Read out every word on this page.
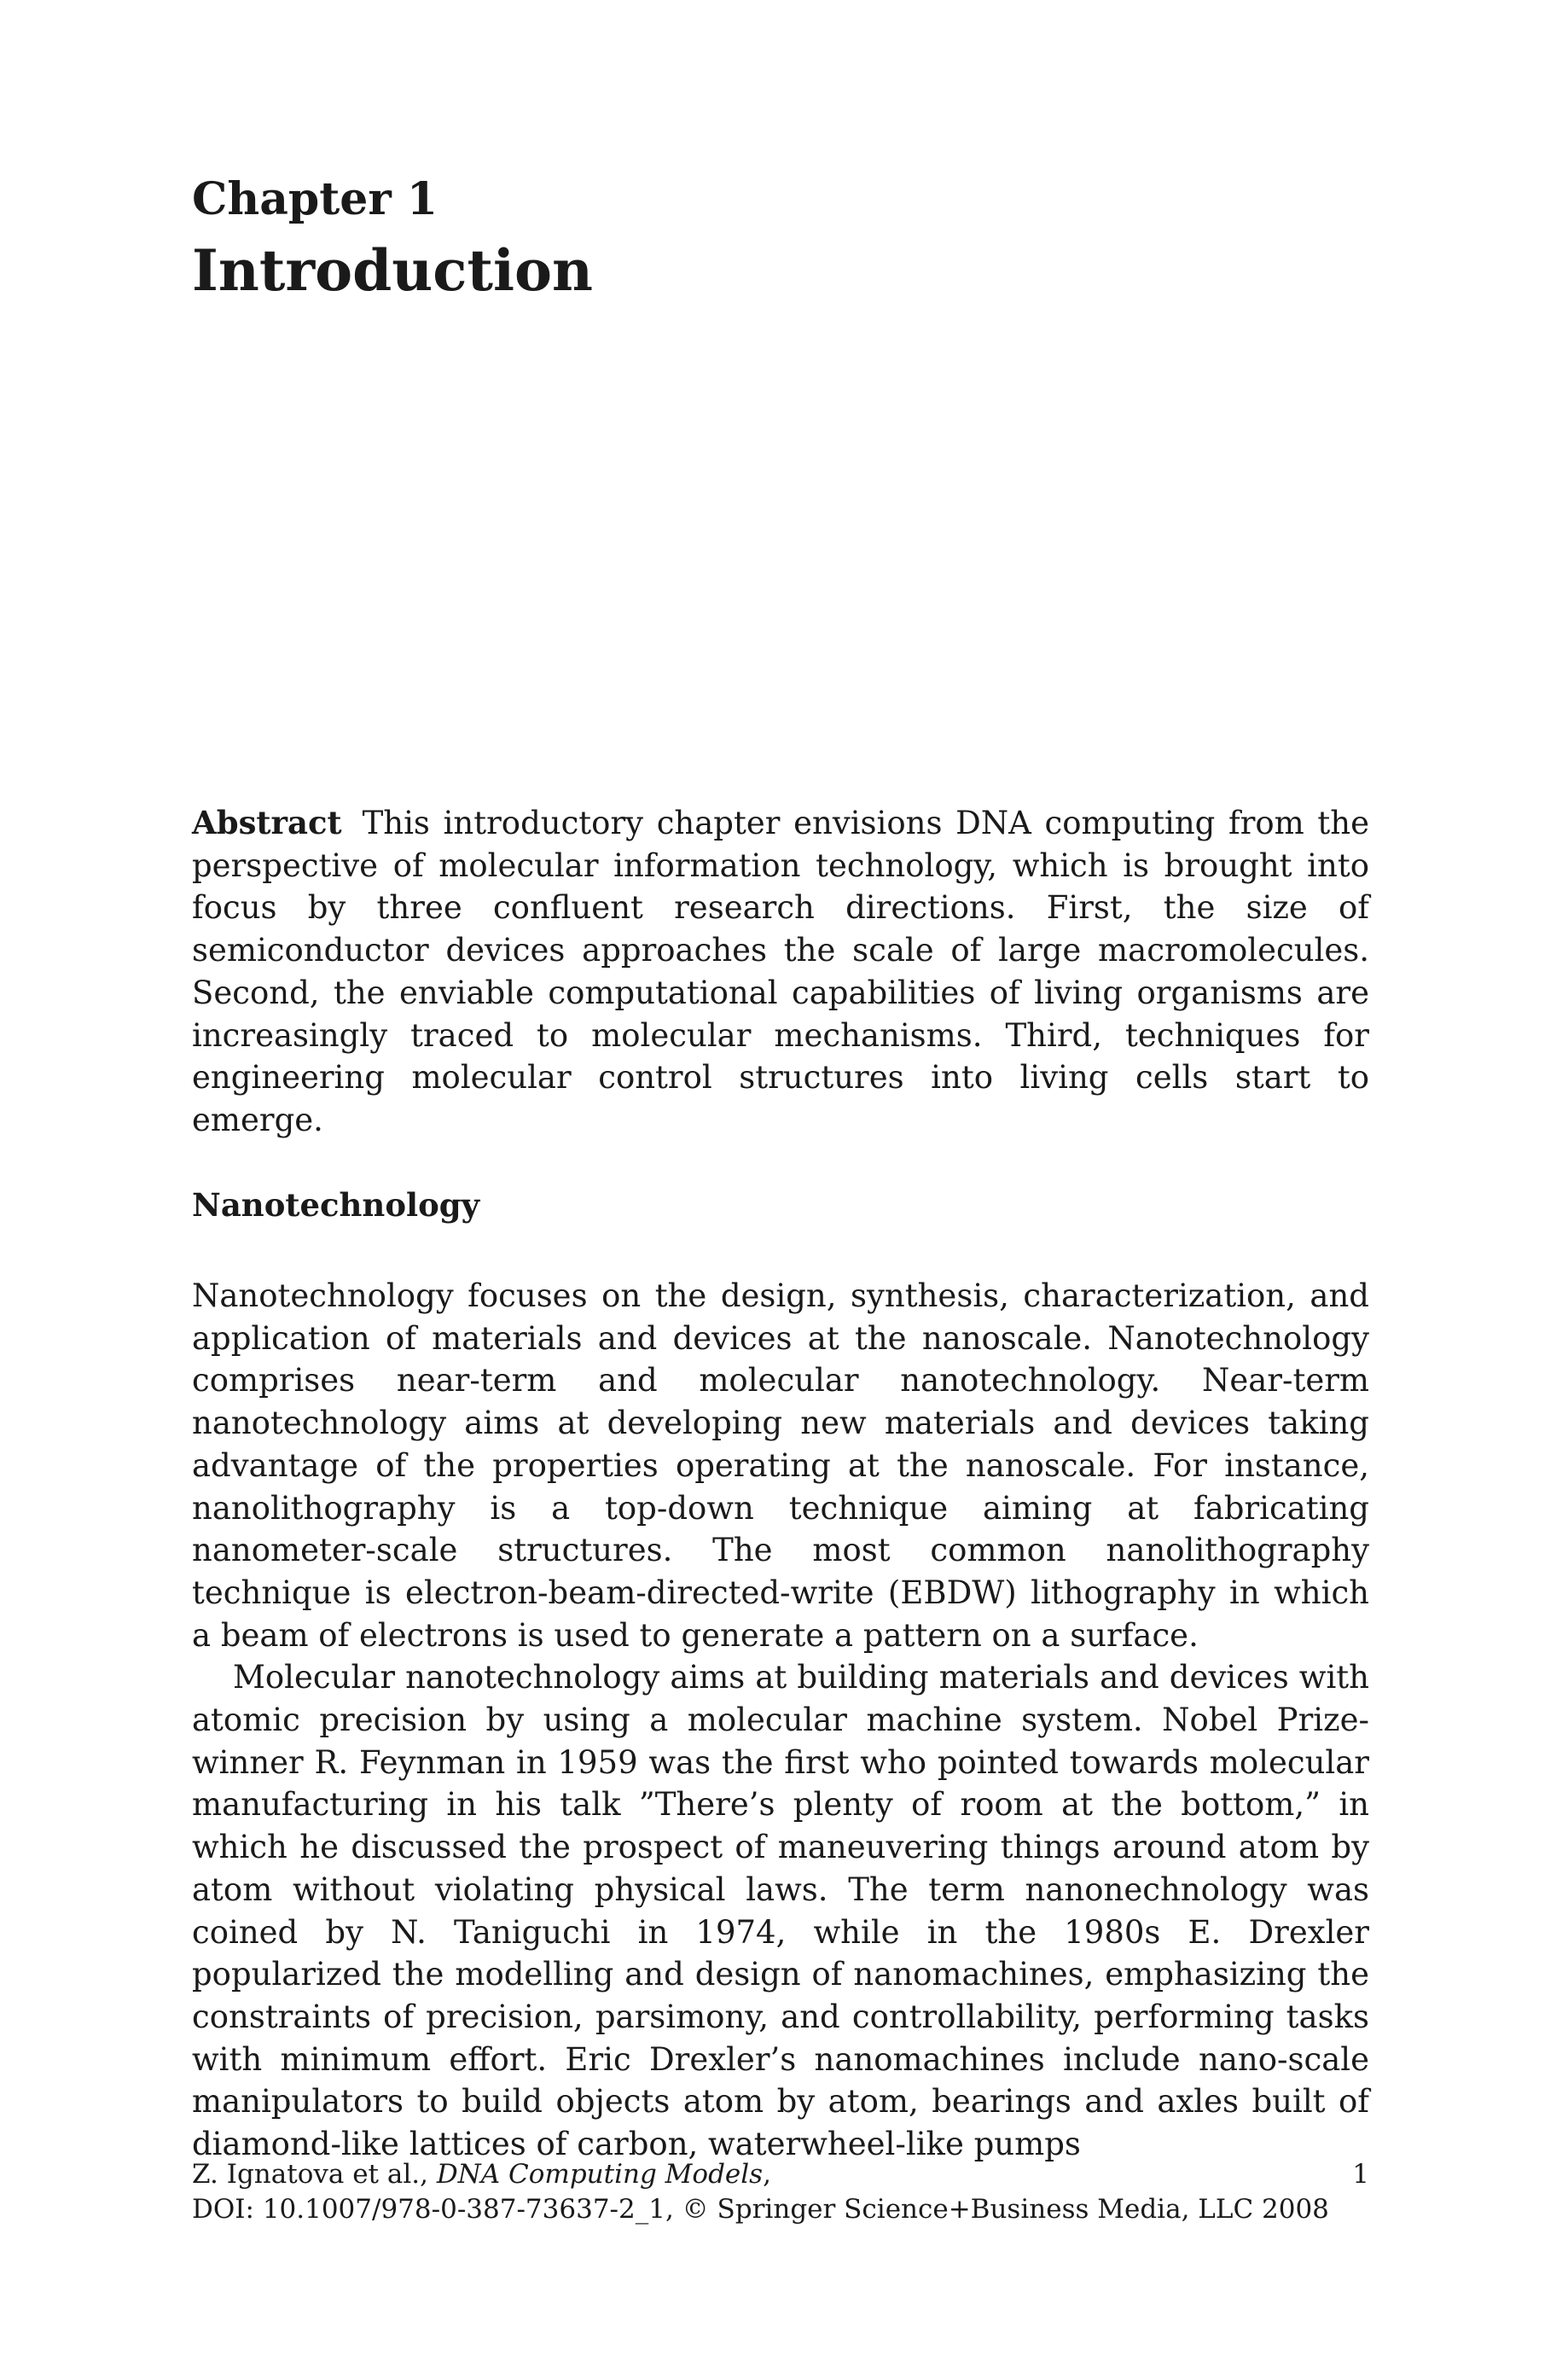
Chapter 1
Introduction

Abstract This introductory chapter envisions DNA computing from the perspective of molecular information technology, which is brought into focus by three confluent research directions. First, the size of semiconductor devices approaches the scale of large macromolecules. Second, the enviable computational capabilities of living organisms are increasingly traced to molecular mechanisms. Third, techniques for engineering molecular control structures into living cells start to emerge.

Nanotechnology

Nanotechnology focuses on the design, synthesis, characterization, and application of materials and devices at the nanoscale. Nanotechnology comprises near-term and molecular nanotechnology. Near-term nanotechnology aims at developing new materials and devices taking advantage of the properties operating at the nanoscale. For instance, nanolithography is a top-down technique aiming at fabricating nanometer-scale structures. The most common nanolithography technique is electron-beam-directed-write (EBDW) lithography in which a beam of electrons is used to generate a pattern on a surface.

Molecular nanotechnology aims at building materials and devices with atomic precision by using a molecular machine system. Nobel Prize-winner R. Feynman in 1959 was the first who pointed towards molecular manufacturing in his talk ”There’s plenty of room at the bottom,” in which he discussed the prospect of maneuvering things around atom by atom without violating physical laws. The term nanonechnology was coined by N. Taniguchi in 1974, while in the 1980s E. Drexler popularized the modelling and design of nanomachines, emphasizing the constraints of precision, parsimony, and controllability, performing tasks with minimum effort. Eric Drexler’s nanomachines include nano-scale manipulators to build objects atom by atom, bearings and axles built of diamond-like lattices of carbon, waterwheel-like pumps

Z. Ignatova et al., DNA Computing Models,	1
DOI: 10.1007/978-0-387-73637-2_1, © Springer Science+Business Media, LLC 2008
